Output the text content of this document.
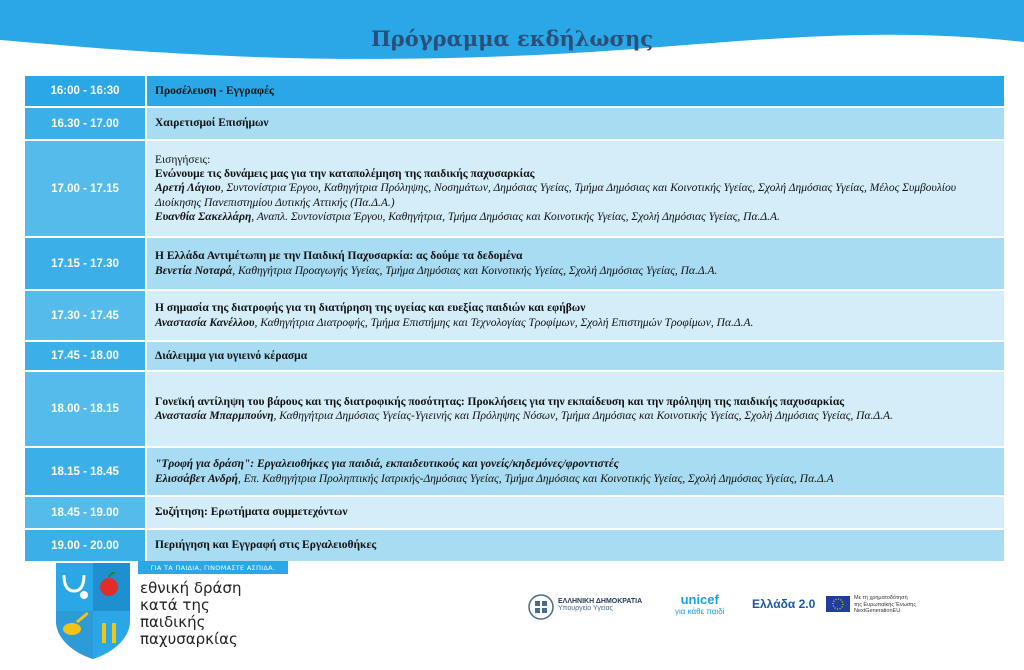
Πρόγραμμα εκδήλωσης
16:00 - 16:30	Προσέλευση - Εγγραφές
16.30 - 17.00	Χαιρετισμοί Επισήμων
17.00 - 17.15
Εισηγήσεις:
Ενώνουμε τις δυνάμεις μας για την καταπολέμηση της παιδικής παχυσαρκίας
Αρετή Λάγιου, Συντονίστρια Έργου, Καθηγήτρια Πρόληψης, Νοσημάτων, Δημόσιας Υγείας, Τμήμα Δημόσιας και Κοινοτικής Υγείας, Σχολή Δημόσιας Υγείας, Μέλος Συμβουλίου Διοίκησης Πανεπιστημίου Δυτικής Αττικής (Πα.Δ.Α.)
Ευανθία Σακελλάρη, Αναπλ. Συντονίστρια Έργου, Καθηγήτρια, Τμήμα Δημόσιας και Κοινοτικής Υγείας, Σχολή Δημόσιας Υγείας, Πα.Δ.Α.
17.15 - 17.30
Η Ελλάδα Αντιμέτωπη με την Παιδική Παχυσαρκία: ας δούμε τα δεδομένα
Βενετία Νοταρά, Καθηγήτρια Προαγωγής Υγείας, Τμήμα Δημόσιας και Κοινοτικής Υγείας, Σχολή Δημόσιας Υγείας, Πα.Δ.Α.
17.30 - 17.45
Η σημασία της διατροφής για τη διατήρηση της υγείας και ευεξίας παιδιών και εφήβων
Αναστασία Κανέλλου, Καθηγήτρια Διατροφής, Τμήμα Επιστήμης και Τεχνολογίας Τροφίμων, Σχολή Επιστημών Τροφίμων, Πα.Δ.Α.
17.45 - 18.00	Διάλειμμα για υγιεινό κέρασμα
18.00 - 18.15
Γονεϊκή αντίληψη του βάρους και της διατροφικής ποσότητας: Προκλήσεις για την εκπαίδευση και την πρόληψη της παιδικής παχυσαρκίας
Αναστασία Μπαρμπούνη, Καθηγήτρια Δημόσιας Υγείας-Υγιεινής και Πρόληψης Νόσων, Τμήμα Δημόσιας και Κοινοτικής Υγείας, Σχολή Δημόσιας Υγείας, Πα.Δ.Α.
18.15 - 18.45
"Τροφή για δράση": Εργαλειοθήκες για παιδιά, εκπαιδευτικούς και γονείς/κηδεμόνες/φροντιστές
Ελισσάβετ Ανδρή, Επ. Καθηγήτρια Προληπτικής Ιατρικής-Δημόσιας Υγείας, Τμήμα Δημόσιας και Κοινοτικής Υγείας, Σχολή Δημόσιας Υγείας, Πα.Δ.Α
18.45 - 19.00	Συζήτηση: Ερωτήματα συμμετεχόντων
19.00 - 20.00	Περιήγηση και Εγγραφή στις Εργαλειοθήκες
ΓΙΑ ΤΑ ΠΑΙΔΙΑ, ΓΙΝΟΜΑΣΤΕ ΑΣΠΙΔΑ.
εθνική δράση
κατά της
παιδικής
παχυσαρκίας
ΕΛΛΗΝΙΚΗ ΔΗΜΟΚΡΑΤΙΑ
Υπουργείο Υγείας
unicef
για κάθε παιδί
Ελλάδα 2.0	Με τη χρηματοδότηση
της Ευρωπαϊκής Ένωσης
NextGenerationEU
